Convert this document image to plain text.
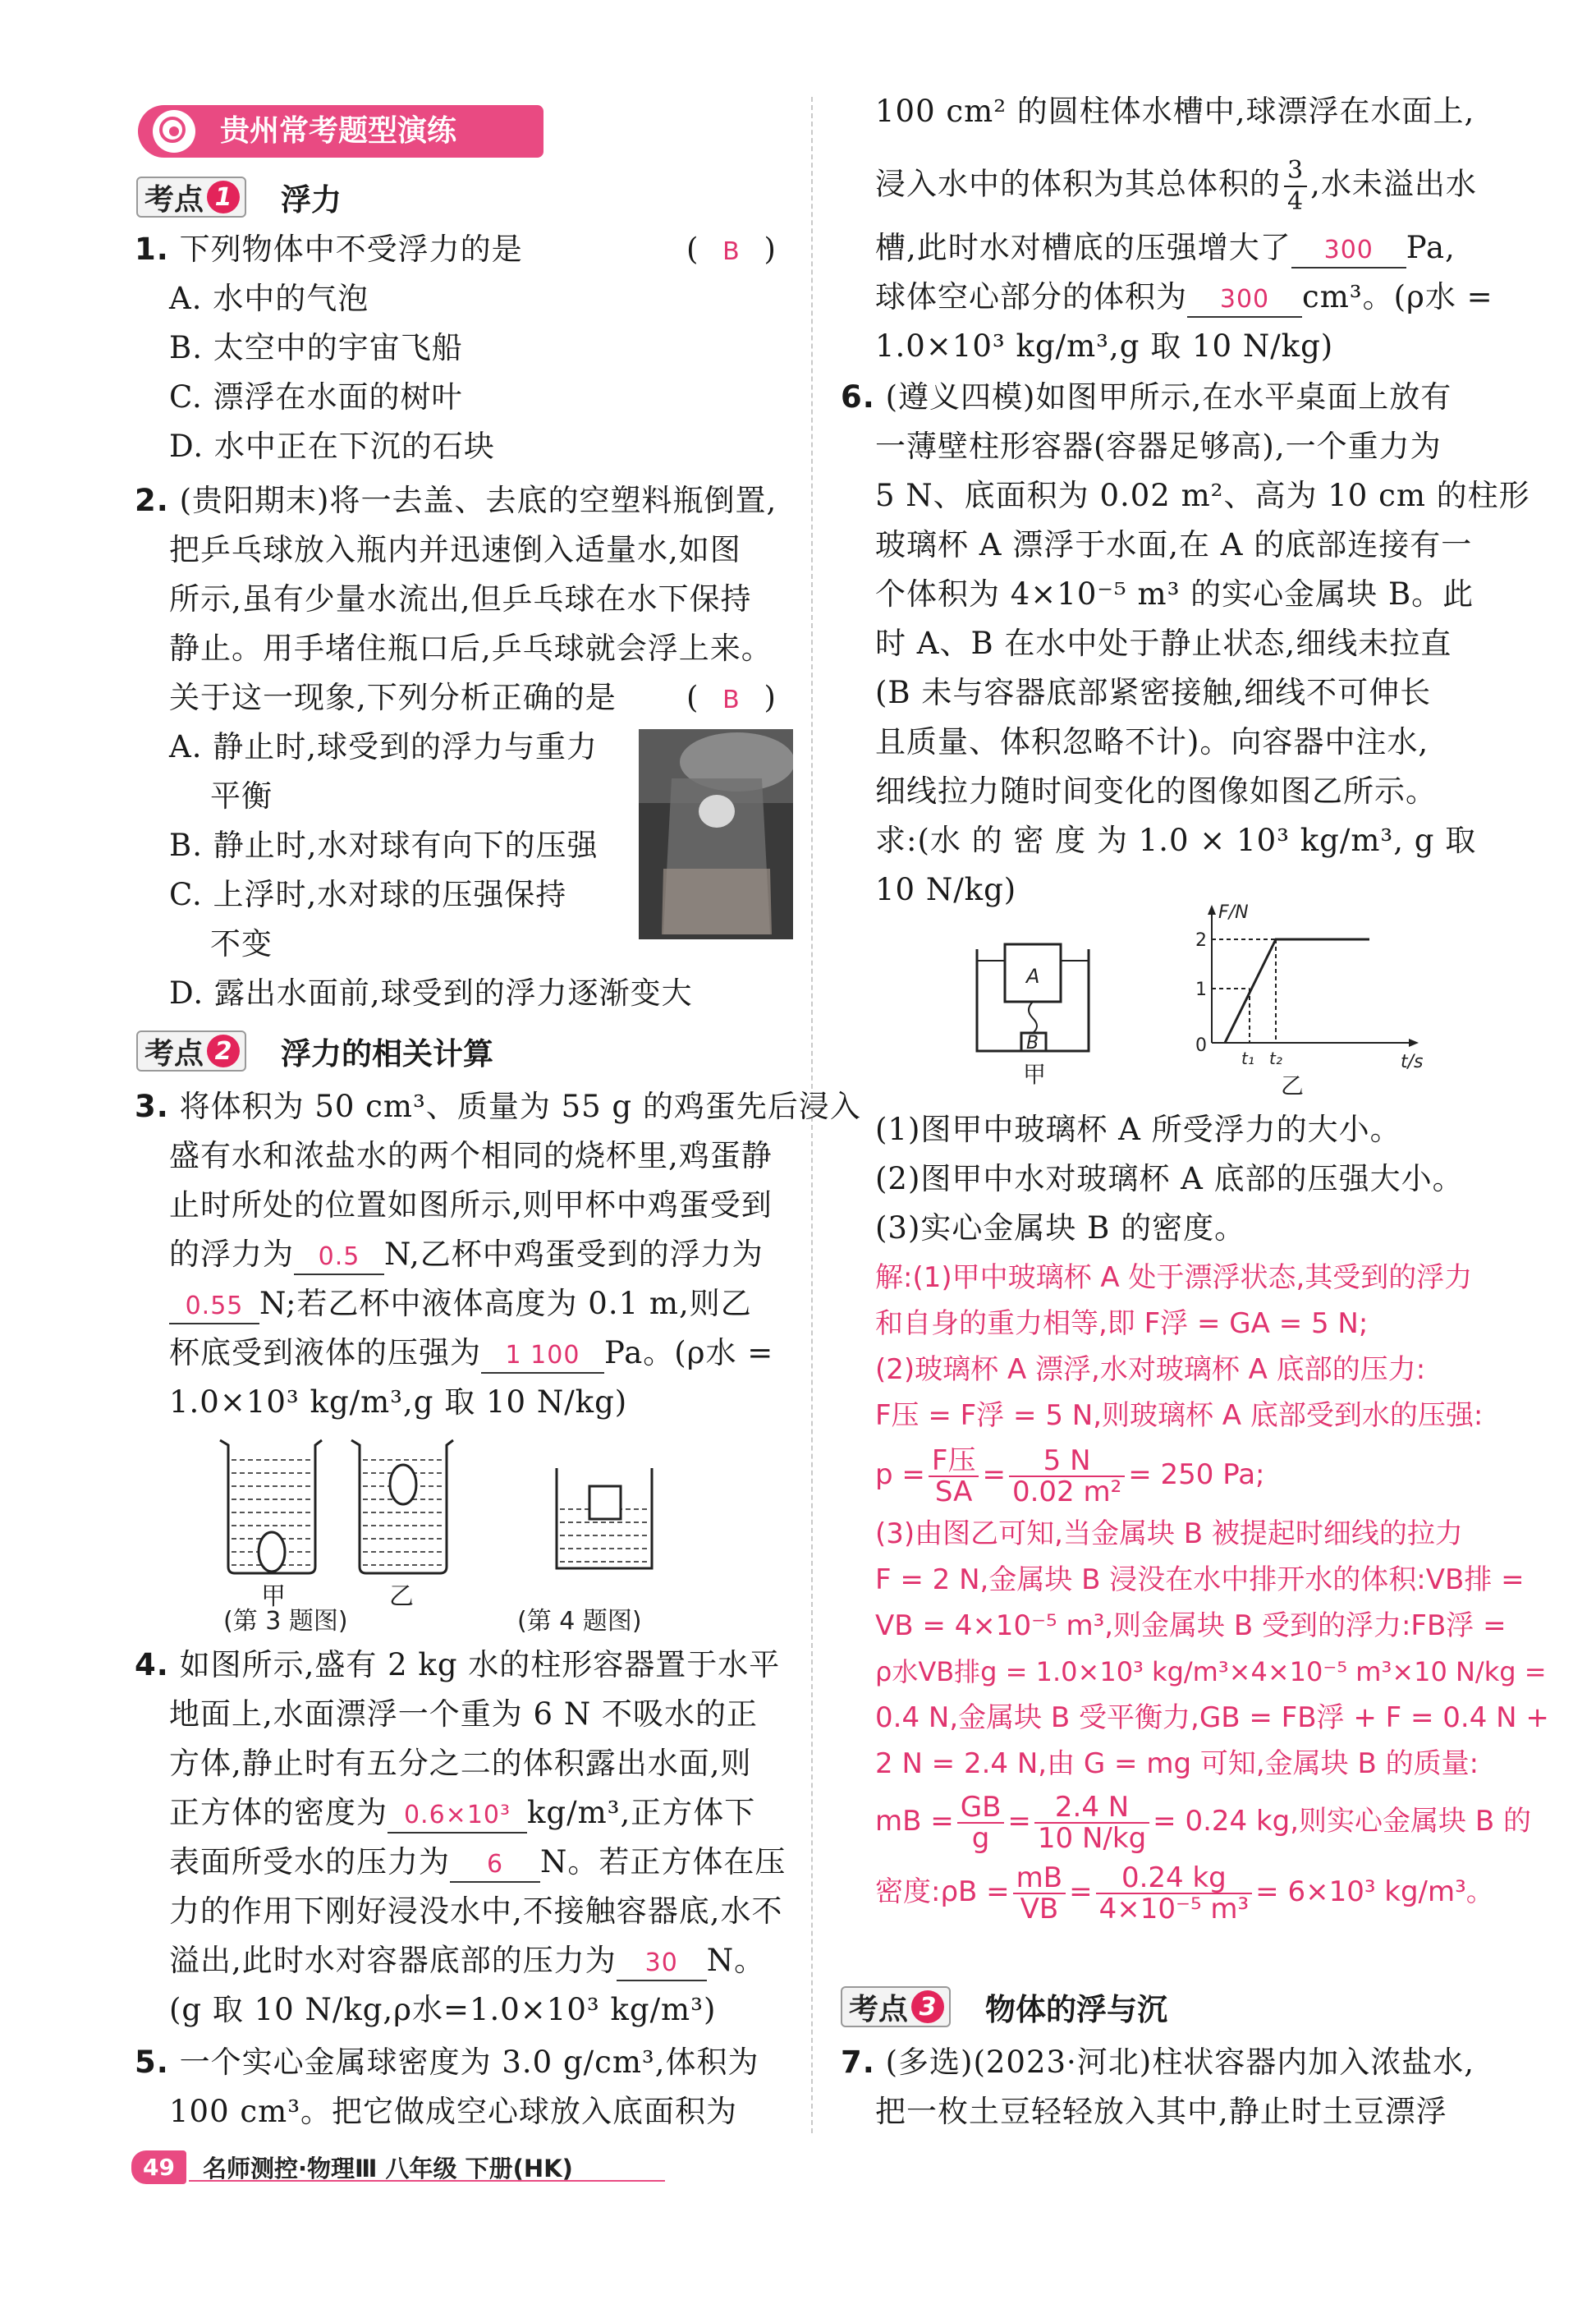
贵州常考题型演练
考点 1 浮力
1. 下列物体中不受浮力的是	( B )
A. 水中的气泡
B. 太空中的宇宙飞船
C. 漂浮在水面的树叶
D. 水中正在下沉的石块
2. (贵阳期末)将一去盖、去底的空塑料瓶倒置,
把乒乓球放入瓶内并迅速倒入适量水,如图
所示,虽有少量水流出,但乒乓球在水下保持
静止。用手堵住瓶口后,乒乓球就会浮上来。
关于这一现象,下列分析正确的是 ( B )
A. 静止时,球受到的浮力与重力
平衡
B. 静止时,水对球有向下的压强
C. 上浮时,水对球的压强保持
不变
D. 露出水面前,球受到的浮力逐渐变大
考点 2 浮力的相关计算
3. 将体积为 50 cm³、质量为 55 g 的鸡蛋先后浸入
盛有水和浓盐水的两个相同的烧杯里,鸡蛋静
止时所处的位置如图所示,则甲杯中鸡蛋受到
的浮力为 0.5 N,乙杯中鸡蛋受到的浮力为
0.55 N;若乙杯中液体高度为 0.1 m,则乙
杯底受到液体的压强为 1 100 Pa。(ρ水 =
1.0×10³ kg/m³,g 取 10 N/kg)
甲	乙
(第 3 题图)	(第 4 题图)
4. 如图所示,盛有 2 kg 水的柱形容器置于水平
地面上,水面漂浮一个重为 6 N 不吸水的正
方体,静止时有五分之二的体积露出水面,则
正方体的密度为 0.6×10³ kg/m³,正方体下
表面所受水的压力为 6 N。若正方体在压
力的作用下刚好浸没水中,不接触容器底,水不
溢出,此时水对容器底部的压力为 30 N。
(g 取 10 N/kg,ρ水=1.0×10³ kg/m³)
5. 一个实心金属球密度为 3.0 g/cm³,体积为
100 cm³。把它做成空心球放入底面积为
100 cm² 的圆柱体水槽中,球漂浮在水面上,
浸入水中的体积为其总体积的 $\frac{3}{4}$ ,水未溢出水
槽,此时水对槽底的压强增大了 300 Pa,
球体空心部分的体积为 300 cm³。(ρ水 =
1.0×10³ kg/m³,g 取 10 N/kg)
6. (遵义四模)如图甲所示,在水平桌面上放有
一薄壁柱形容器(容器足够高),一个重力为
5 N、底面积为 0.02 m²、高为 10 cm 的柱形
玻璃杯 A 漂浮于水面,在 A 的底部连接有一
个体积为 4×10⁻⁵ m³ 的实心金属块 B。此
时 A、B 在水中处于静止状态,细线未拉直
(B 未与容器底部紧密接触,细线不可伸长
且质量、体积忽略不计)。向容器中注水,
细线拉力随时间变化的图像如图乙所示。
求:(水 的 密 度 为 1.0 × 10³ kg/m³, g 取
10 N/kg)
A
B
甲
F/N
t/s
2
1
0
t₁ t₂
乙
(1)图甲中玻璃杯 A 所受浮力的大小。
(2)图甲中水对玻璃杯 A 底部的压强大小。
(3)实心金属块 B 的密度。
解:(1)甲中玻璃杯 A 处于漂浮状态,其受到的浮力
和自身的重力相等,即 F浮 = GA = 5 N;
(2)玻璃杯 A 漂浮,水对玻璃杯 A 底部的压力:
F压 = F浮 = 5 N,则玻璃杯 A 底部受到水的压强:
$p = \frac{\text{F压}}{SA} = \frac{5 N}{\text{0.02 m²}} = 250$ Pa;
(3)由图乙可知,当金属块 B 被提起时细线的拉力
F = 2 N,金属块 B 浸没在水中排开水的体积:VB排 =
VB = 4×10⁻⁵ m³,则金属块 B 受到的浮力:FB浮 =
ρ水VB排g = 1.0×10³ kg/m³×4×10⁻⁵ m³×10 N/kg =
0.4 N,金属块 B 受平衡力,GB = FB浮 + F = 0.4 N +
2 N = 2.4 N,由 G = mg 可知,金属块 B 的质量:
mB = $\frac{GB}{g} = \frac{2.4 N}{10 N/kg} = 0.24$ kg,则实心金属块 B 的
密度:ρB = $\frac{mB}{VB} = \frac{0.24 kg}{\text{4×10⁻⁵ m³}} = 6\times 10^3$ kg/m³。
考点 3 物体的浮与沉
7. (多选)(2023·河北)柱状容器内加入浓盐水,
把一枚土豆轻轻放入其中,静止时土豆漂浮
49	名师测控·物理Ⅲ 八年级 下册(HK)
